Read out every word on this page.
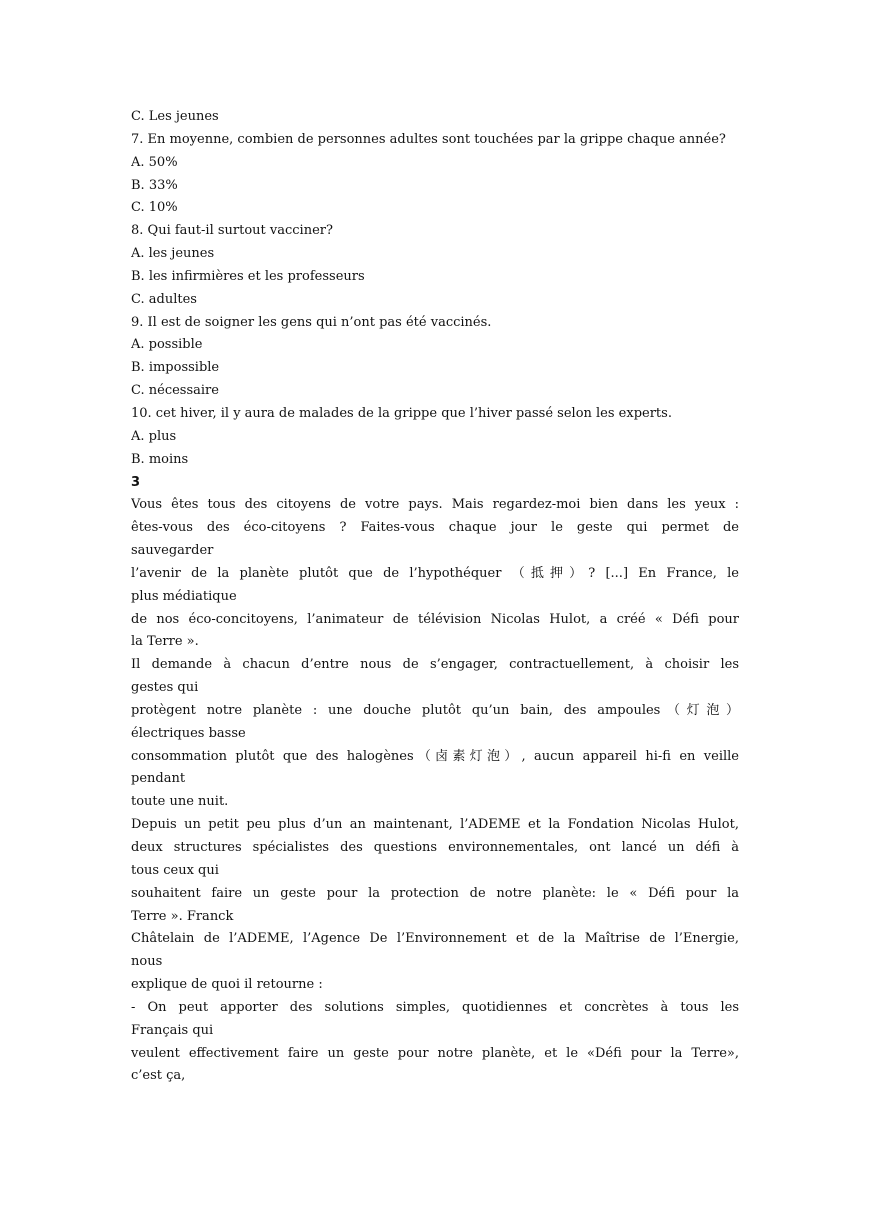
C. Les jeunes
7. En moyenne, combien de personnes adultes sont touchées par la grippe chaque année?
A. 50%
B. 33%
C. 10%
8. Qui faut-il surtout vacciner?
A. les jeunes
B. les infirmières et les professeurs
C. adultes
9. Il est de soigner les gens qui n’ont pas été vaccinés.
A. possible
B. impossible
C. nécessaire
10. cet hiver, il y aura de malades de la grippe que l’hiver passé selon les experts.
A. plus
B. moins
3
Vous êtes tous des citoyens de votre pays. Mais regardez-moi bien dans les yeux :
êtes-vous des éco-citoyens ? Faites-vous chaque jour le geste qui permet de
sauvegarder
l’avenir de la planète plutôt que de l’hypothéquer （抵押）? [...] En France, le
plus médiatique
de nos éco-concitoyens, l’animateur de télévision Nicolas Hulot, a créé « Défi pour
la Terre ».
Il demande à chacun d’entre nous de s’engager, contractuellement, à choisir les
gestes qui
protègent notre planète : une douche plutôt qu’un bain, des ampoules（灯泡）
électriques basse
consommation plutôt que des halogènes（卤素灯泡）, aucun appareil hi-fi en veille
pendant
toute une nuit.
Depuis un petit peu plus d’un an maintenant, l’ADEME et la Fondation Nicolas Hulot,
deux structures spécialistes des questions environnementales, ont lancé un défi à
tous ceux qui
souhaitent faire un geste pour la protection de notre planète: le « Défi pour la
Terre ». Franck
Châtelain de l’ADEME, l’Agence De l’Environnement et de la Maîtrise de l’Energie,
nous
explique de quoi il retourne :
- On peut apporter des solutions simples, quotidiennes et concrètes à tous les
Français qui
veulent effectivement faire un geste pour notre planète, et le «Défi pour la Terre»,
c’est ça,
